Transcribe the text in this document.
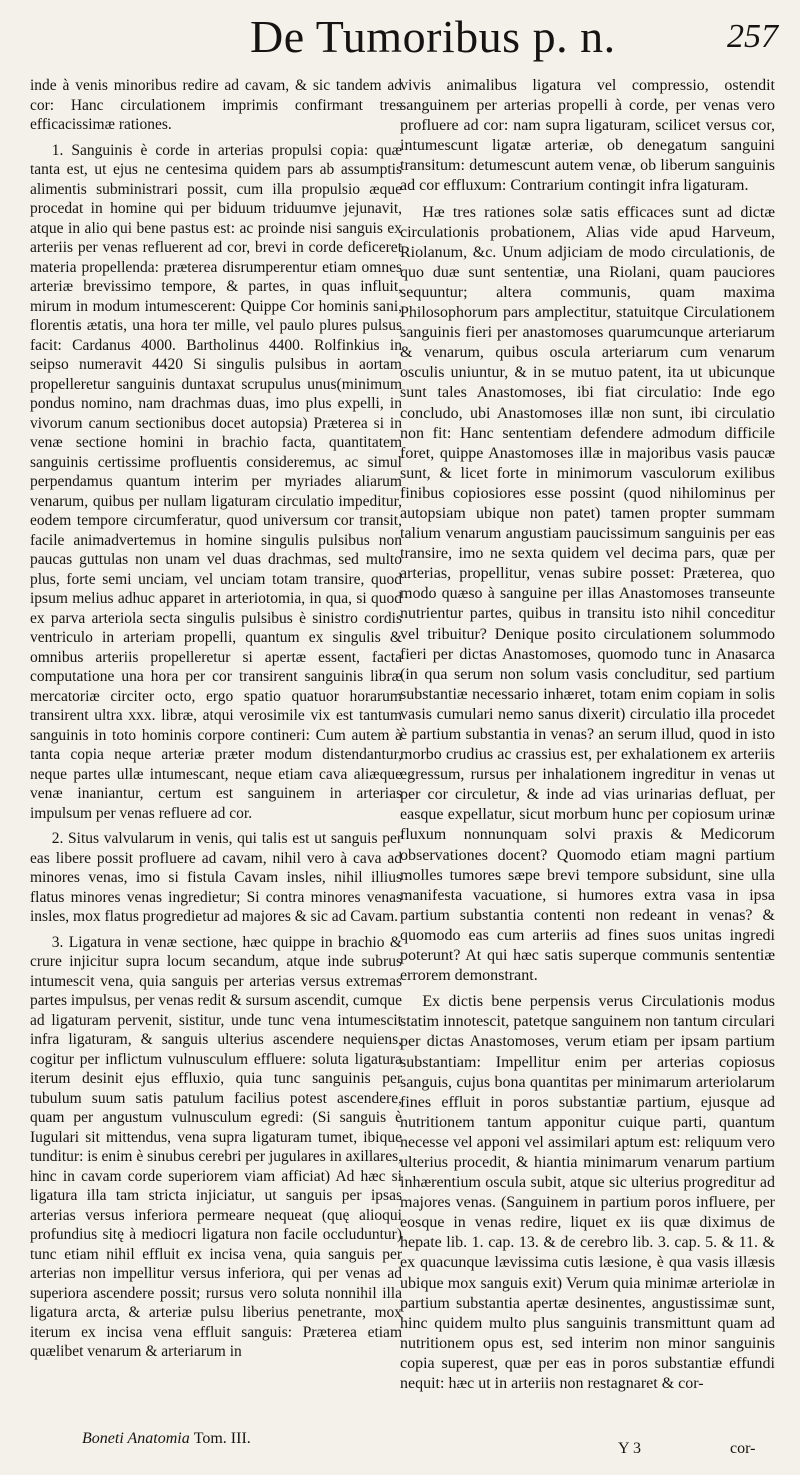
De Tumoribus p. n.	257

inde à venis minoribus redire ad cavam, & sic tandem ad cor: Hanc circulationem imprimis confirmant tres efficacissimæ rationes.

1. Sanguinis è corde in arterias propulsi copia: quæ tanta est, ut ejus ne centesima quidem pars ab assumptis alimentis subministrari possit, cum illa propulsio æque procedat in homine qui per biduum triduumve jejunavit, atque in alio qui bene pastus est: ac proinde nisi sanguis ex arteriis per venas refluerent ad cor, brevi in corde deficeret materia propellenda: præterea disrumperentur etiam omnes arteriæ brevissimo tempore, & partes, in quas influit, mirum in modum intumescerent: Quippe Cor hominis sani, florentis ætatis, una hora ter mille, vel paulo plures pulsus facit: Cardanus 4000. Bartholinus 4400. Rolfinkius in seipso numeravit 4420 Si singulis pulsibus in aortam propelleretur sanguinis duntaxat scrupulus unus(minimum pondus nomino, nam drachmas duas, imo plus expelli, in vivorum canum sectionibus docet autopsia) Præterea si in venæ sectione homini in brachio facta, quantitatem sanguinis certissime profluentis consideremus, ac simul perpendamus quantum interim per myriades aliarum venarum, quibus per nullam ligaturam circulatio impeditur, eodem tempore circumferatur, quod universum cor transit, facile animadvertemus in homine singulis pulsibus non paucas guttulas non unam vel duas drachmas, sed multo plus, forte semi unciam, vel unciam totam transire, quod ipsum melius adhuc apparet in arteriotomia, in qua, si quod ex parva arteriola secta singulis pulsibus è sinistro cordis ventriculo in arteriam propelli, quantum ex singulis & omnibus arteriis propelleretur si apertæ essent, facta computatione una hora per cor transirent sanguinis libræ mercatoriæ circiter octo, ergo spatio quatuor horarum transirent ultra xxx. libræ, atqui verosimile vix est tantum sanguinis in toto hominis corpore contineri: Cum autem à tanta copia neque arteriæ præter modum distendantur, neque partes ullæ intumescant, neque etiam cava aliæque venæ inaniantur, certum est sanguinem in arterias impulsum per venas refluere ad cor.

2. Situs valvularum in venis, qui talis est ut sanguis per eas libere possit profluere ad cavam, nihil vero à cava ad minores venas, imo si fistula Cavam insles, nihil illius flatus minores venas ingredietur; Si contra minores venas insles, mox flatus progredietur ad majores & sic ad Cavam.

3. Ligatura in venæ sectione, hæc quippe in brachio & crure injicitur supra locum secandum, atque inde subrus intumescit vena, quia sanguis per arterias versus extremas partes impulsus, per venas redit & sursum ascendit, cumque ad ligaturam pervenit, sistitur, unde tunc vena intumescit infra ligaturam, & sanguis ulterius ascendere nequiens, cogitur per inflictum vulnusculum effluere: soluta ligatura iterum desinit ejus effluxio, quia tunc sanguinis per tubulum suum satis patulum facilius potest ascendere, quam per angustum vulnusculum egredi: (Si sanguis è Iugulari sit mittendus, vena supra ligaturam tumet, ibique tunditur: is enim è sinubus cerebri per jugulares in axillares, hinc in cavam corde superiorem viam afficiat) Ad hæc si ligatura illa tam stricta injiciatur, ut sanguis per ipsas arterias versus inferiora permeare nequeat (quę alioqui profundius sitę à mediocri ligatura non facile occluduntur) tunc etiam nihil effluit ex incisa vena, quia sanguis per arterias non impellitur versus inferiora, qui per venas ad superiora ascendere possit; rursus vero soluta nonnihil illa ligatura arcta, & arteriæ pulsu liberius penetrante, mox iterum ex incisa vena effluit sanguis: Præterea etiam quælibet venarum & arteriarum in

vivis animalibus ligatura vel compressio, ostendit sanguinem per arterias propelli à corde, per venas vero profluere ad cor: nam supra ligaturam, scilicet versus cor, intumescunt ligatæ arteriæ, ob denegatum sanguini transitum: detumescunt autem venæ, ob liberum sanguinis ad cor effluxum: Contrarium contingit infra ligaturam.

Hæ tres rationes solæ satis efficaces sunt ad dictæ circulationis probationem, Alias vide apud Harveum, Riolanum, &c. Unum adjiciam de modo circulationis, de quo duæ sunt sententiæ, una Riolani, quam pauciores sequuntur; altera communis, quam maxima Philosophorum pars amplectitur, statuitque Circulationem sanguinis fieri per anastomoses quarumcunque arteriarum & venarum, quibus oscula arteriarum cum venarum osculis uniuntur, & in se mutuo patent, ita ut ubicunque sunt tales Anastomoses, ibi fiat circulatio: Inde ego concludo, ubi Anastomoses illæ non sunt, ibi circulatio non fit: Hanc sententiam defendere admodum difficile foret, quippe Anastomoses illæ in majoribus vasis paucæ sunt, & licet forte in minimorum vasculorum exilibus finibus copiosiores esse possint (quod nihilominus per autopsiam ubique non patet) tamen propter summam talium venarum angustiam paucissimum sanguinis per eas transire, imo ne sexta quidem vel decima pars, quæ per arterias, propellitur, venas subire posset: Præterea, quo modo quæso à sanguine per illas Anastomoses transeunte nutrientur partes, quibus in transitu isto nihil conceditur vel tribuitur? Denique posito circulationem solummodo fieri per dictas Anastomoses, quomodo tunc in Anasarca (in qua serum non solum vasis concluditur, sed partium substantiæ necessario inhæret, totam enim copiam in solis vasis cumulari nemo sanus dixerit) circulatio illa procedet è partium substantia in venas? an serum illud, quod in isto morbo crudius ac crassius est, per exhalationem ex arteriis egressum, rursus per inhalationem ingreditur in venas ut per cor circuletur, & inde ad vias urinarias defluat, per easque expellatur, sicut morbum hunc per copiosum urinæ fluxum nonnunquam solvi praxis & Medicorum observationes docent? Quomodo etiam magni partium molles tumores sæpe brevi tempore subsidunt, sine ulla manifesta vacuatione, si humores extra vasa in ipsa partium substantia contenti non redeant in venas? & quomodo eas cum arteriis ad fines suos unitas ingredi poterunt? At qui hæc satis superque communis sententiæ errorem demonstrant.

Ex dictis bene perpensis verus Circulationis modus statim innotescit, patetque sanguinem non tantum circulari per dictas Anastomoses, verum etiam per ipsam partium substantiam: Impellitur enim per arterias copiosus sanguis, cujus bona quantitas per minimarum arteriolarum fines effluit in poros substantiæ partium, ejusque ad nutritionem tantum apponitur cuique parti, quantum necesse vel apponi vel assimilari aptum est: reliquum vero ulterius procedit, & hiantia minimarum venarum partium inhærentium oscula subit, atque sic ulterius progreditur ad majores venas. (Sanguinem in partium poros influere, per eosque in venas redire, liquet ex iis quæ diximus de hepate lib. 1. cap. 13. & de cerebro lib. 3. cap. 5. & 11. & ex quacunque lævissima cutis læsione, è qua vasis illæsis ubique mox sanguis exit) Verum quia minimæ arteriolæ in partium substantia apertæ desinentes, angustissimæ sunt, hinc quidem multo plus sanguinis transmittunt quam ad nutritionem opus est, sed interim non minor sanguinis copia superest, quæ per eas in poros substantiæ effundi nequit: hæc ut in arteriis non restagnaret & cor-

Boneti Anatomia Tom. III.
Y 3	cor-
